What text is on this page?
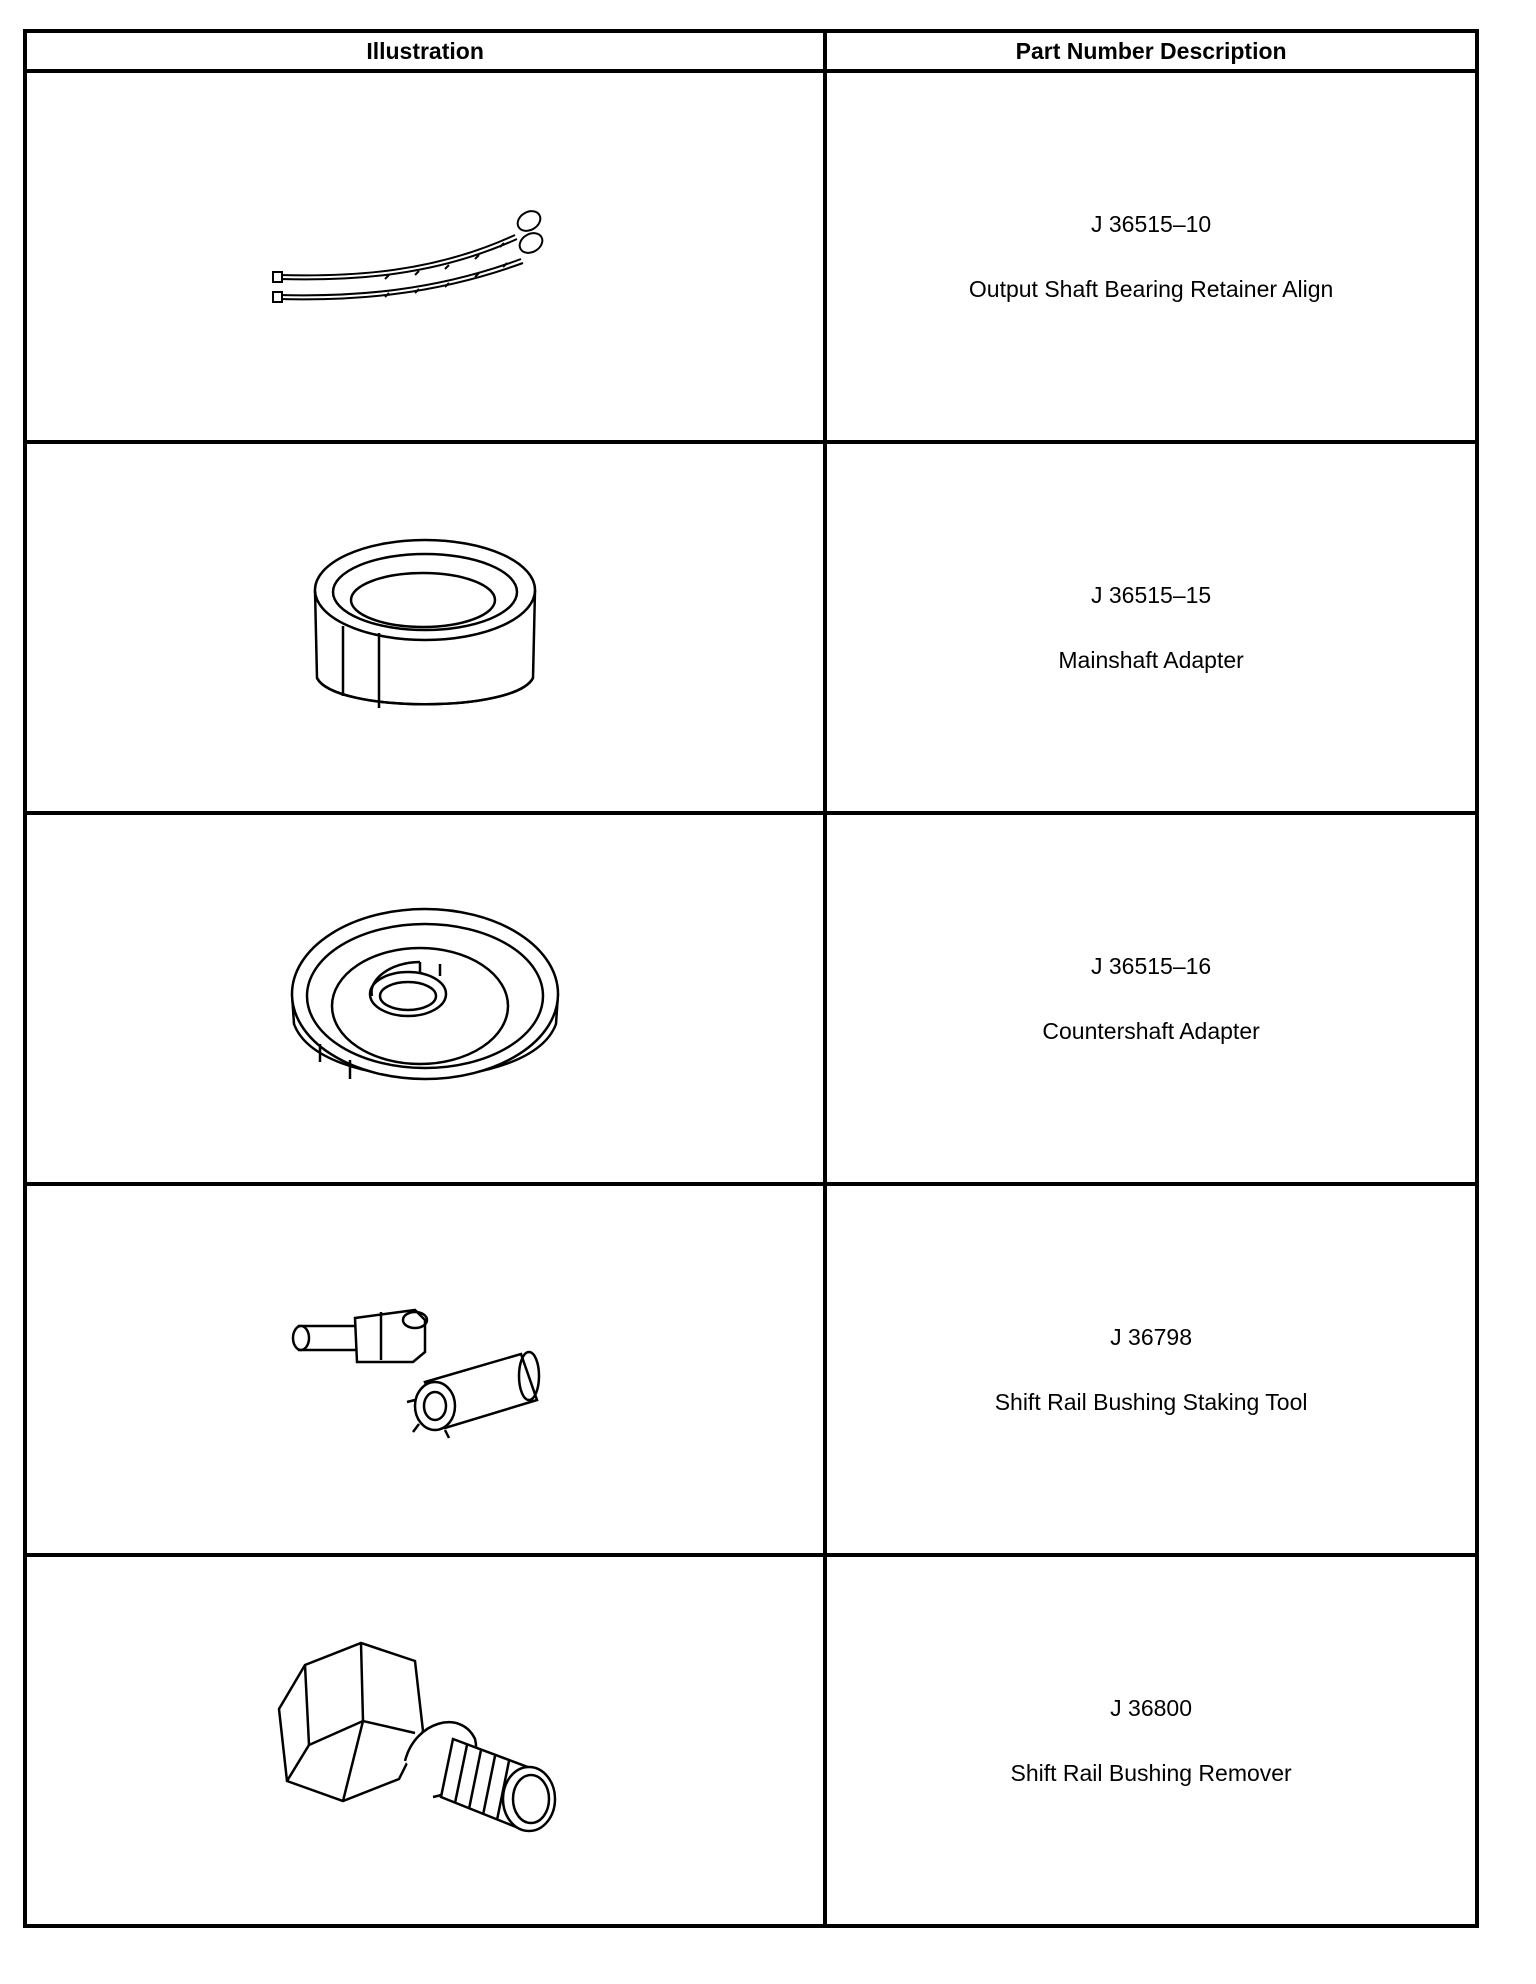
Illustration	Part Number Description

J 36515–10
Output Shaft Bearing Retainer Align

J 36515–15
Mainshaft Adapter

J 36515–16
Countershaft Adapter

J 36798
Shift Rail Bushing Staking Tool

J 36800
Shift Rail Bushing Remover
